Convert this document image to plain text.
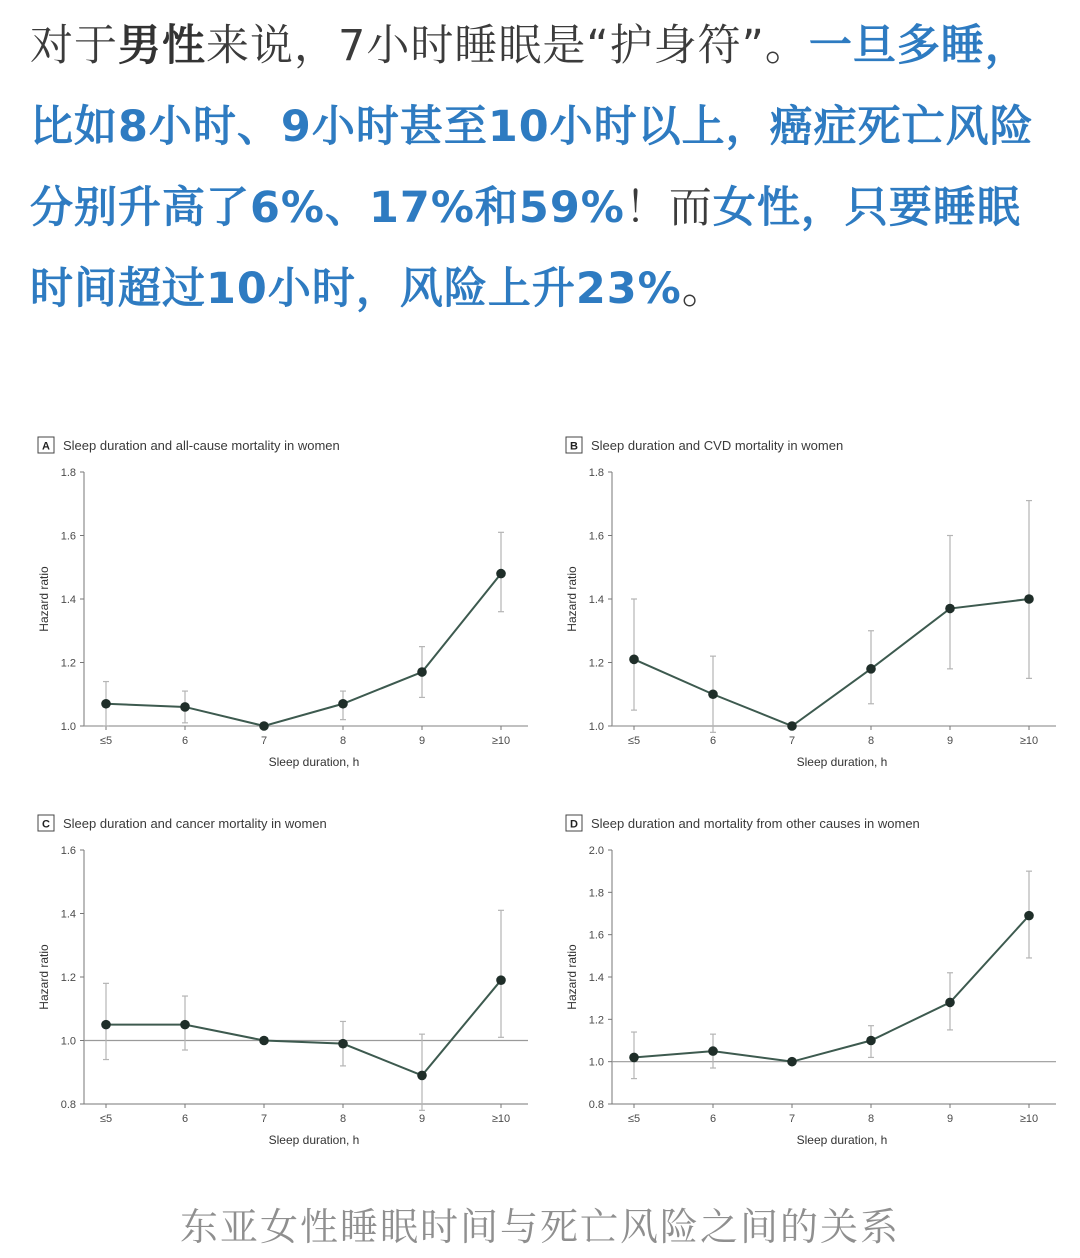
对于男性来说，7小时睡眠是“护身符”。一旦多睡，比如8小时、9小时甚至10小时以上，癌症死亡风险分别升高了6%、17%和59%！而女性，只要睡眠时间超过10小时，风险上升23%。
A Sleep duration and all-cause mortality in women
1.0
1.2
1.4
1.6
1.8
Hazard ratio
≤5	6	7	8	9	≥10
Sleep duration, h
B Sleep duration and CVD mortality in women
1.0
1.2
1.4
1.6
1.8
Hazard ratio
≤5	6	7	8	9	≥10
Sleep duration, h
C Sleep duration and cancer mortality in women
0.8
1.0
1.2
1.4
1.6
Hazard ratio
≤5	6	7	8	9	≥10
Sleep duration, h
D Sleep duration and mortality from other causes in women
0.8
1.0
1.2
1.4
1.6
1.8
2.0
Hazard ratio
≤5	6	7	8	9	≥10
Sleep duration, h
东亚女性睡眠时间与死亡风险之间的关系
